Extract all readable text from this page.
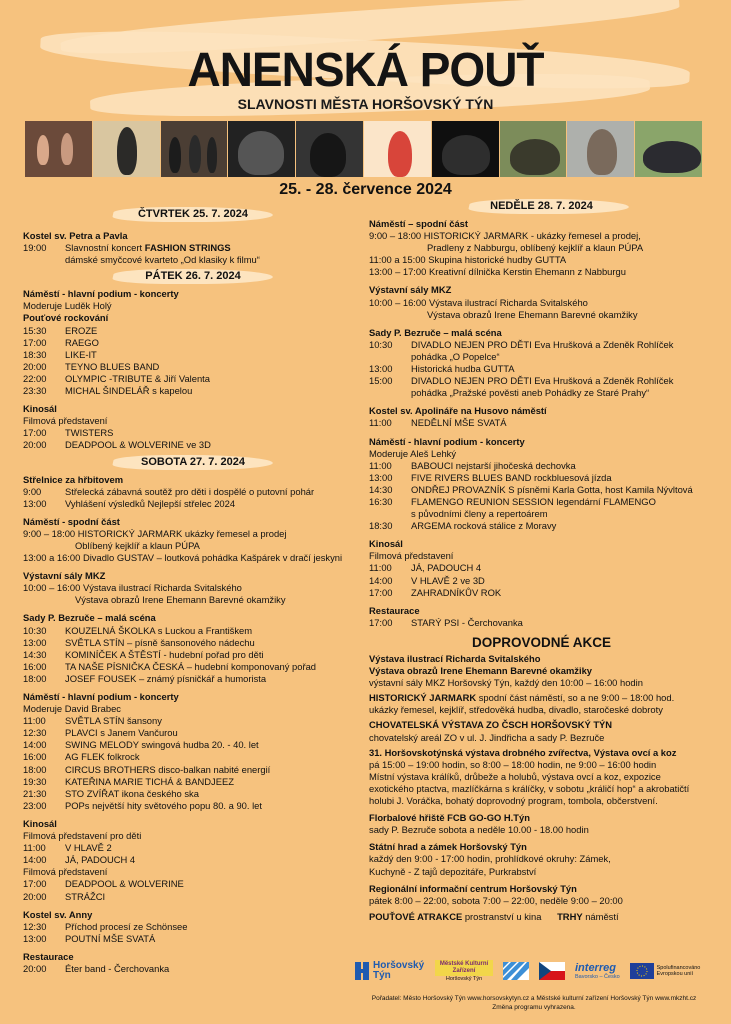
ANENSKÁ POUŤ
SLAVNOSTI MĚSTA HORŠOVSKÝ TÝN
25. - 28. července 2024
ČTVRTEK 25. 7. 2024
Kostel sv. Petra a Pavla
19:00	Slavnostní koncert FASHION STRINGS
dámské smyčcové kvarteto „Od klasiky k filmu“
PÁTEK 26. 7. 2024
Náměstí - hlavní podium - koncerty
Moderuje Luděk Holý
Pouťové rockování
15:30	EROZE
17:00	RAEGO
18:30	LIKE-IT
20:00	TEYNO BLUES BAND
22:00	OLYMPIC -TRIBUTE & Jiří Valenta
23:30	MICHAL ŠINDELÁŘ s kapelou
Kinosál
Filmová představení
17:00	TWISTERS
20:00	DEADPOOL & WOLVERINE ve 3D
SOBOTA 27. 7. 2024
Střelnice za hřbitovem
9:00	Střelecká zábavná soutěž pro děti i dospělé o putovní pohár
13:00	Vyhlášení výsledků Nejlepší střelec 2024
Náměstí - spodní část
9:00 – 18:00 HISTORICKÝ JARMARK ukázky řemesel a prodej
Oblíbený kejklíř a klaun PÚPA
13:00 a 16:00 Divadlo GUSTAV – loutková pohádka Kašpárek v dračí jeskyni
Výstavní sály MKZ
10:00 – 16:00 Výstava ilustrací Richarda Svitalského
Výstava obrazů Irene Ehemann Barevné okamžiky
Sady P. Bezruče – malá scéna
10:30	KOUZELNÁ ŠKOLKA s Luckou a Františkem
13:00	SVĚTLA STÍN – písně šansonového nádechu
14:30	KOMINÍČEK A ŠTĚSTÍ - hudební pořad pro děti
16:00	TA NAŠE PÍSNIČKA ČESKÁ – hudební komponovaný pořad
18:00	JOSEF FOUSEK – známý písničkář a humorista
Náměstí - hlavní podium - koncerty
Moderuje David Brabec
11:00	SVĚTLA STÍN šansony
12:30	PLAVCI s Janem Vančurou
14:00	SWING MELODY swingová hudba 20. - 40. let
16:00	AG FLEK folkrock
18:00	CIRCUS BROTHERS disco-balkan nabité energií
19:30	KATEŘINA MARIE TICHÁ & BANDJEEZ
21:30	STO ZVÍŘAT ikona českého ska
23:00	POPs největší hity světového popu 80. a 90. let
Kinosál
Filmová představení pro děti
11:00	V HLAVĚ 2
14:00	JÁ, PADOUCH 4
Filmová představení
17:00	DEADPOOL & WOLVERINE
20:00	STRÁŽCI
Kostel sv. Anny
12:30	Příchod procesí ze Schönsee
13:00	POUTNÍ MŠE SVATÁ
Restaurace
20:00	Éter band - Čerchovanka
NEDĚLE 28. 7. 2024
Náměstí – spodní část
9:00 – 18:00 HISTORICKÝ JARMARK - ukázky řemesel a prodej,
Pradleny z Nabburgu, oblíbený kejklíř a klaun PÚPA
11:00 a 15:00 Skupina historické hudby GUTTA
13:00 – 17:00 Kreativní dílnička Kerstin Ehemann z Nabburgu
Výstavní sály MKZ
10:00 – 16:00 Výstava ilustrací Richarda Svitalského
Výstava obrazů Irene Ehemann Barevné okamžiky
Sady P. Bezruče – malá scéna
10:30	DIVADLO NEJEN PRO DĚTI Eva Hrušková a Zdeněk Rohlíček
pohádka „O Popelce“
13:00	Historická hudba GUTTA
15:00	DIVADLO NEJEN PRO DĚTI Eva Hrušková a Zdeněk Rohlíček
pohádka „Pražské pověsti aneb Pohádky ze Staré Prahy“
Kostel sv. Apolináře na Husovo náměstí
11:00	NEDĚLNÍ MŠE SVATÁ
Náměstí - hlavní podium - koncerty
Moderuje Aleš Lehký
11:00	BABOUCI nejstarší jihočeská dechovka
13:00	FIVE RIVERS BLUES BAND rockbluesová jízda
14:30	ONDŘEJ PROVAZNÍK S písněmi Karla Gotta, host Kamila Nývltová
16:30	FLAMENGO REUNION SESSION legendární FLAMENGO
s původními členy a repertoárem
18:30	ARGEMA rocková stálice z Moravy
Kinosál
Filmová představení
11:00	JÁ, PADOUCH 4
14:00	V HLAVĚ 2 ve 3D
17:00	ZAHRADNÍKŮV ROK
Restaurace
17:00	STARÝ PSI - Čerchovanka
DOPROVODNÉ AKCE
Výstava ilustrací Richarda Svitalského
Výstava obrazů Irene Ehemann Barevné okamžiky
výstavní sály MKZ Horšovský Týn, každý den 10:00 – 16:00 hodin
HISTORICKÝ JARMARK spodní část náměstí, so a ne 9:00 – 18:00 hod.
ukázky řemesel, kejklíř, středověká hudba, divadlo, staročeské dobroty
CHOVATELSKÁ VÝSTAVA ZO ČSCH HORŠOVSKÝ TÝN
chovatelský areál ZO v ul. J. Jindřicha a sady P. Bezruče
31. Horšovskotýnská výstava drobného zvířectva, Výstava ovcí a koz
pá 15:00 – 19:00 hodin, so 8:00 – 18:00 hodin, ne 9:00 – 16:00 hodin
Místní výstava králíků, drůbeže a holubů, výstava ovcí a koz, expozice
exotického ptactva, mazlíčkárna s králíčky, v sobotu „králičí hop“ a akrobatičtí
holubi J. Voráčka, bohatý doprovodný program, tombola, občerstvení.
Florbalové hřiště FCB GO-GO H.Týn
sady P. Bezruče sobota a neděle 10.00 - 18.00 hodin
Státní hrad a zámek Horšovský Týn
každý den 9:00 - 17:00 hodin, prohlídkové okruhy: Zámek,
Kuchyně - Z tajů depozitáře, Purkrabství
Regionální informační centrum Horšovský Týn
pátek 8:00 – 22:00, sobota 7:00 – 22:00, neděle 9:00 – 20:00
POUŤOVÉ ATRAKCE prostranství u kina TRHY náměstí
Horšovský Týn
Městské Kulturní Zařízení
Horšovský Týn
interreg
Bavorsko – Česko
Spolufinancováno Evropskou unií
Pořadatel: Město Horšovský Týn www.horsovskytyn.cz a Městské kulturní zařízení Horšovský Týn www.mkzht.cz
Změna programu vyhrazena.
